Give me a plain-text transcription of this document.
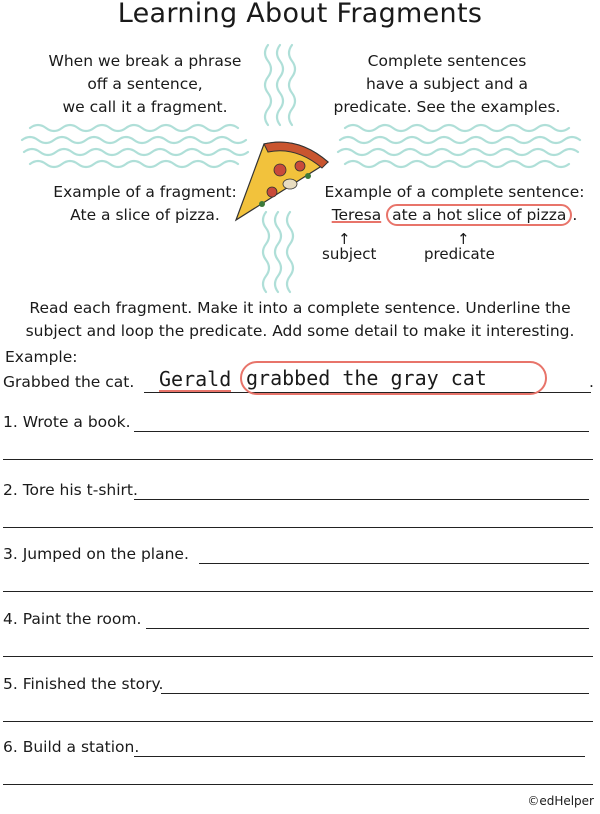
Learning About Fragments
When we break a phrase
off a sentence,
we call it a fragment.
Complete sentences
have a subject and a
predicate. See the examples.
Example of a fragment:
Ate a slice of pizza.
Example of a complete sentence:
Teresa ate a hot slice of pizza .
↑
subject
↑
predicate
Read each fragment. Make it into a complete sentence. Underline the
subject and loop the predicate. Add some detail to make it interesting.
Example:
Grabbed the cat.	.
Gerald grabbed the gray cat
1. Wrote a book.
2. Tore his t-shirt.
3. Jumped on the plane.
4. Paint the room.
5. Finished the story.
6. Build a station.
©edHelper
